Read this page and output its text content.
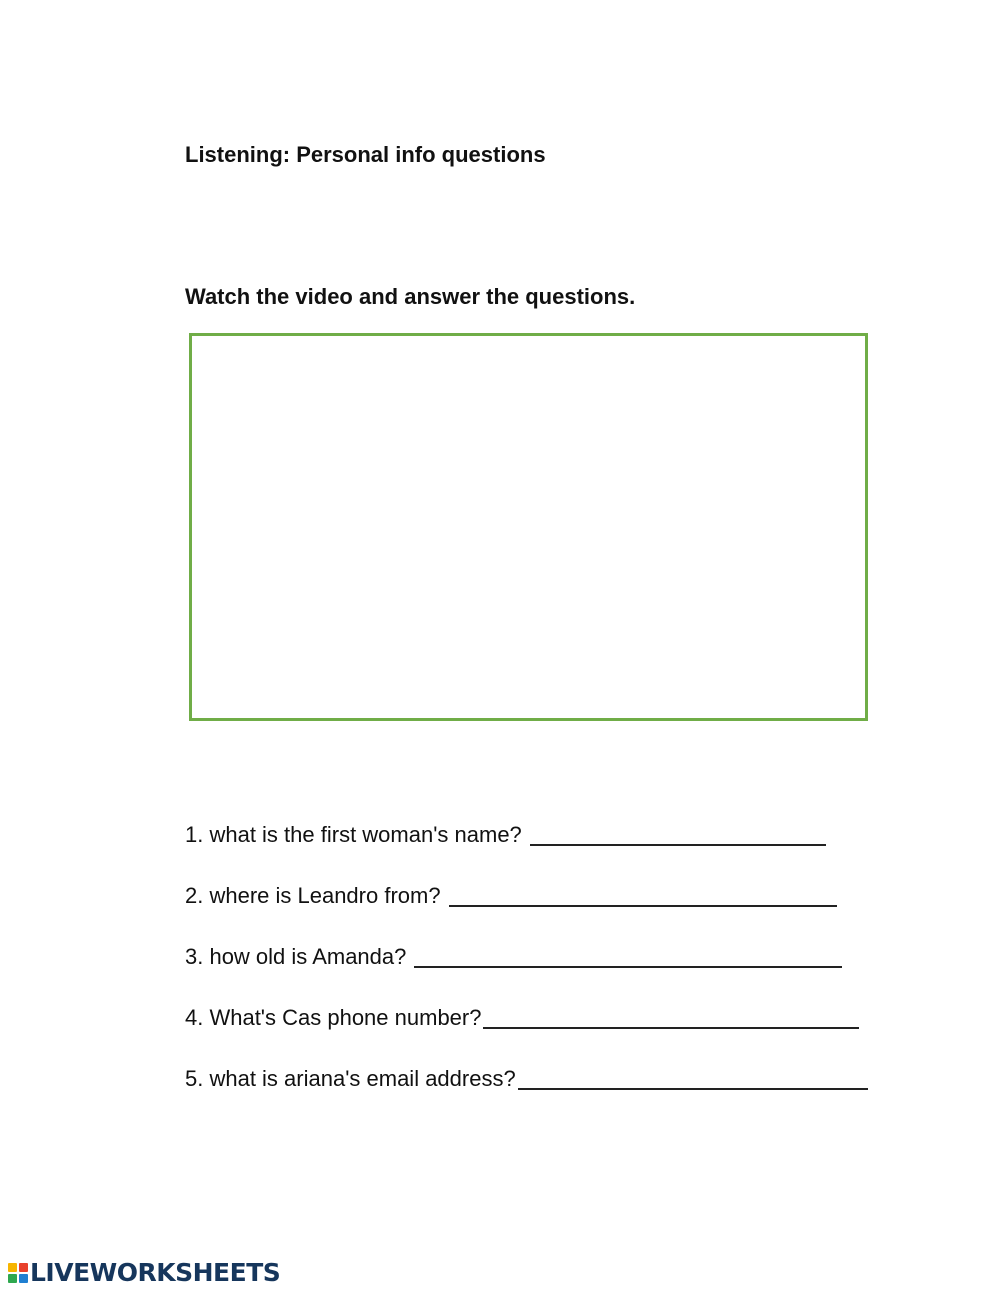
Listening: Personal info questions
Watch the video and answer the questions.
1. what is the first woman's name?
2. where is Leandro from?
3. how old is Amanda?
4. What's Cas phone number?
5. what is ariana's email address?
LIVEWORKSHEETS
